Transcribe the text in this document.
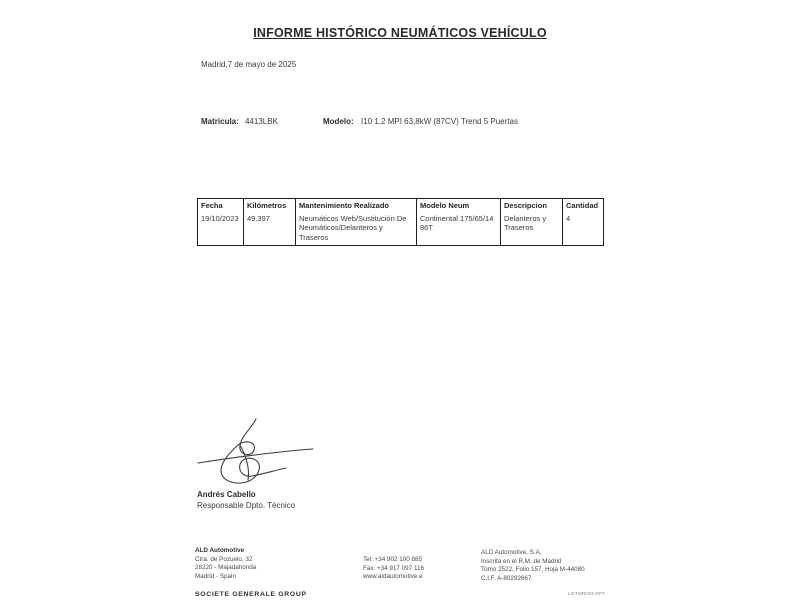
INFORME HISTÓRICO NEUMÁTICOS VEHÍCULO
Madrid,7 de mayo de 2025
Matricula: 4413LBK	Modelo: I10 1.2 MPI 63,8kW (87CV) Trend 5 Puertas
Fecha	Kilómetros	Mantenimiento Realizado	Modelo Neum	Descripcion	Cantidad
19/10/2023	49.397	Neumáticos Web/Sustitución De Neumáticos/Delanteros y Traseros	Continental 175/65/14 86T	Delanteros y Traseros	4
Andrés Cabello
Responsable Dpto. Técnico
ALD Automotive
Ctra. de Pozuelo, 32
28220 - Majadahonda
Madrid - Spain
Tel: +34 902 100 885
Fax: +34 917 097 116
www.aldautomotive.e
ALD Automotive, S.A.
Inscrita en el R.M. de Madrid
Tomo 2522, Folio 157, Hoja M-44080
C.I.F. A-80292667
SOCIETE GENERALE GROUP	LISTMNN02.RPT
